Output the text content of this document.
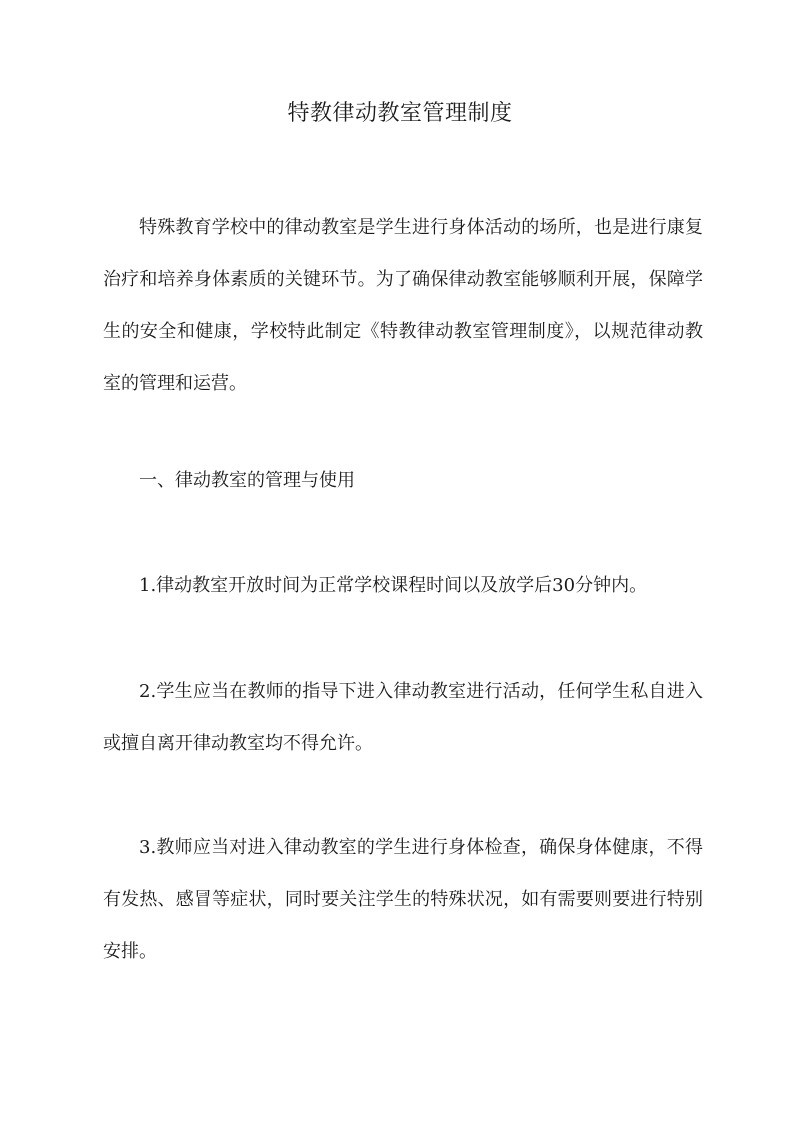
特教律动教室管理制度

特殊教育学校中的律动教室是学生进行身体活动的场所，也是进行康复治疗和培养身体素质的关键环节。为了确保律动教室能够顺利开展，保障学生的安全和健康，学校特此制定《特教律动教室管理制度》，以规范律动教室的管理和运营。

一、律动教室的管理与使用

1.律动教室开放时间为正常学校课程时间以及放学后30分钟内。

2.学生应当在教师的指导下进入律动教室进行活动，任何学生私自进入或擅自离开律动教室均不得允许。

3.教师应当对进入律动教室的学生进行身体检查，确保身体健康，不得有发热、感冒等症状，同时要关注学生的特殊状况，如有需要则要进行特别安排。
